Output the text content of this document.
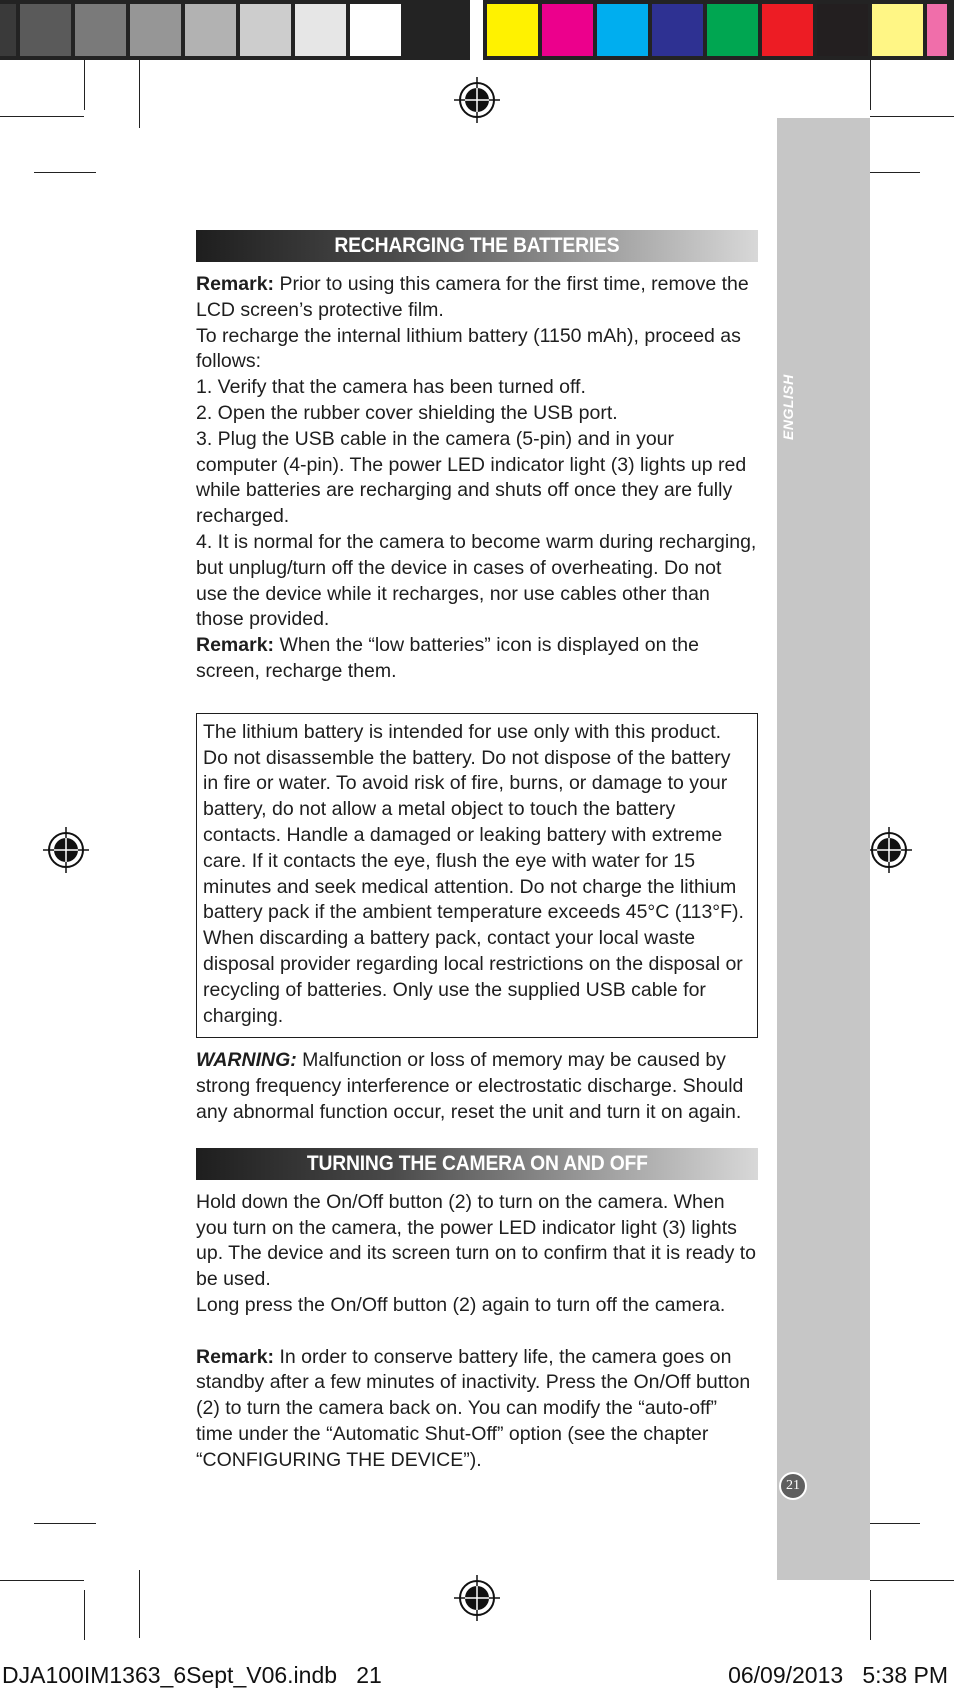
ENGLISH
21
RECHARGING THE BATTERIES

Remark: Prior to using this camera for the first time, remove the LCD screen’s protective film.

To recharge the internal lithium battery (1150 mAh), proceed as follows:

1. Verify that the camera has been turned off.

2. Open the rubber cover shielding the USB port.

3. Plug the USB cable in the camera (5-pin) and in your computer (4-pin). The power LED indicator light (3) lights up red while batteries are recharging and shuts off once they are fully recharged.

4. It is normal for the camera to become warm during recharging, but unplug/turn off the device in cases of overheating. Do not use the device while it recharges, nor use cables other than those provided.

Remark: When the “low batteries” icon is displayed on the screen, recharge them.

The lithium battery is intended for use only with this product. Do not disassemble the battery. Do not dispose of the battery in fire or water. To avoid risk of fire, burns, or damage to your battery, do not allow a metal object to touch the battery contacts. Handle a damaged or leaking battery with extreme care. If it contacts the eye, flush the eye with water for 15 minutes and seek medical attention. Do not charge the lithium battery pack if the ambient temperature exceeds 45°C (113°F). When discarding a battery pack, contact your local waste disposal provider regarding local restrictions on the disposal or recycling of batteries. Only use the supplied USB cable for charging.

WARNING: Malfunction or loss of memory may be caused by strong frequency interference or electrostatic discharge. Should any abnormal function occur, reset the unit and turn it on again.

TURNING THE CAMERA ON AND OFF

Hold down the On/Off button (2) to turn on the camera. When you turn on the camera, the power LED indicator light (3) lights up. The device and its screen turn on to confirm that it is ready to be used.

Long press the On/Off button (2) again to turn off the camera.

Remark: In order to conserve battery life, the camera goes on standby after a few minutes of inactivity. Press the On/Off button (2) to turn the camera back on. You can modify the “auto-off” time under the “Automatic Shut-Off” option (see the chapter “CONFIGURING THE DEVICE”).

DJA100IM1363_6Sept_V06.indb   21	06/09/2013   5:38 PM
